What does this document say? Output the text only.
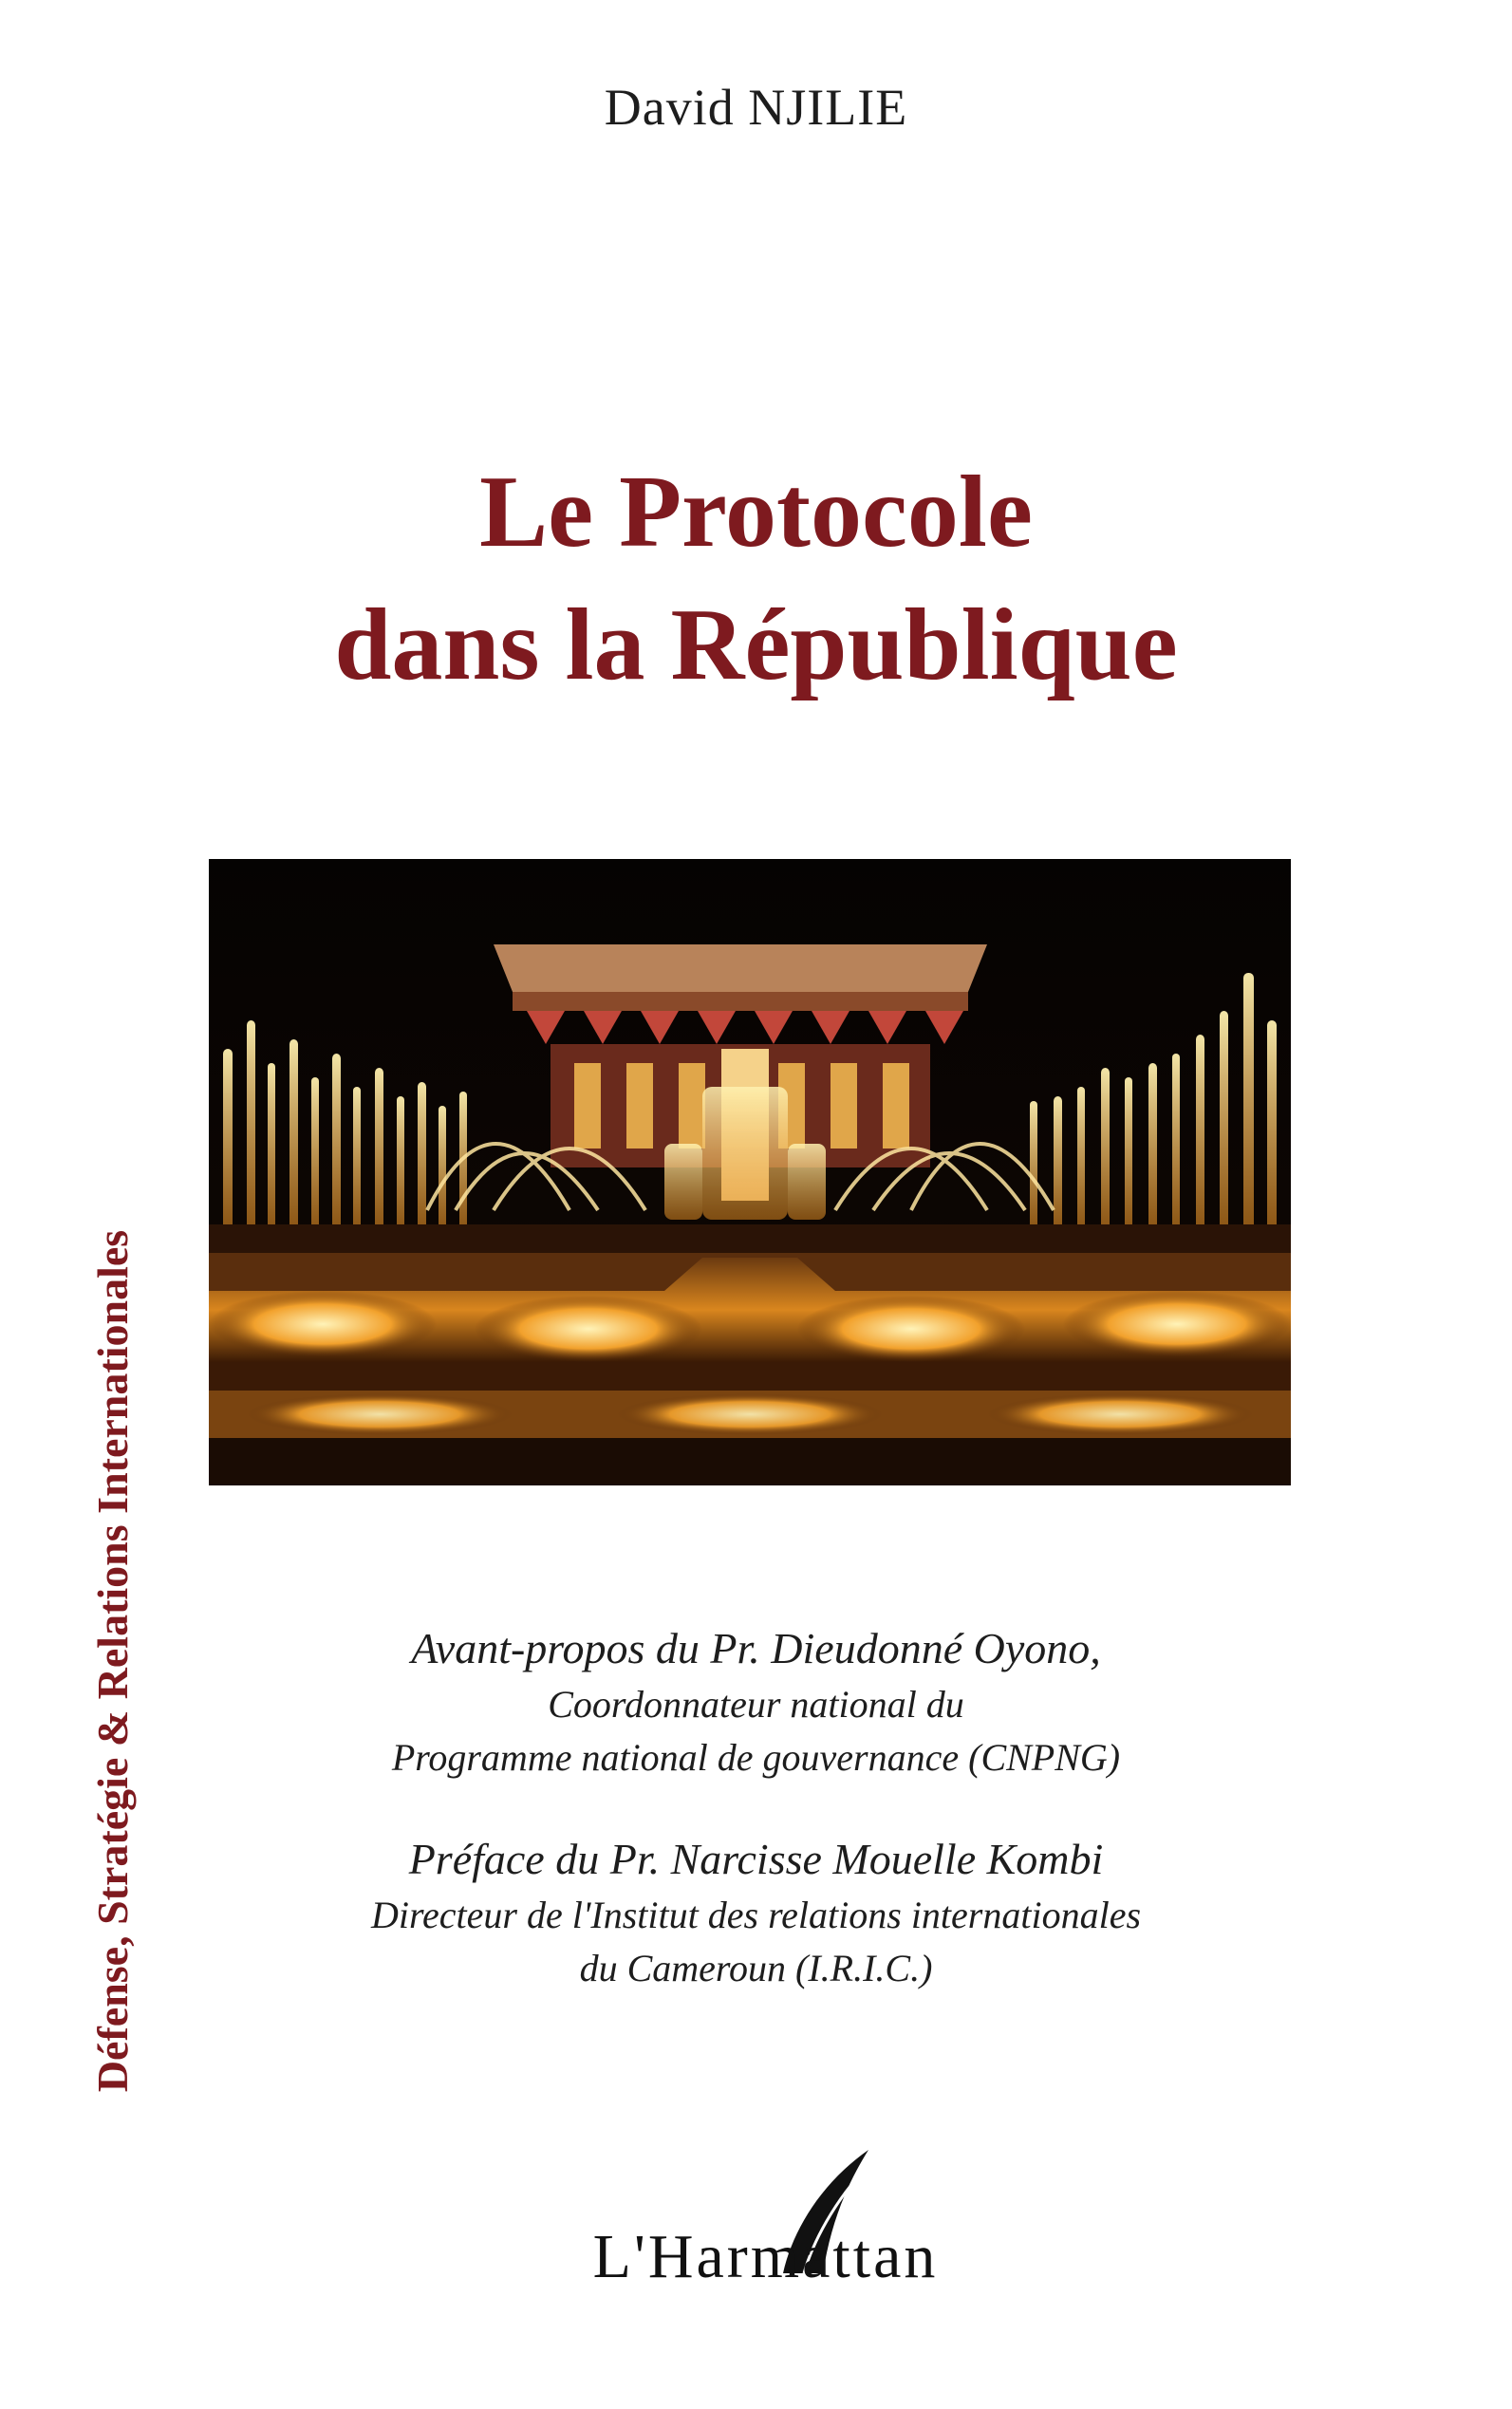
David NJILIE
Le Protocole
dans la République
Défense, Stratégie & Relations Internationales	Avant-propos du Pr. Dieudonné Oyono,
Coordonnateur national du
Programme national de gouvernance (CNPNG)
Préface du Pr. Narcisse Mouelle Kombi
Directeur de l'Institut des relations internationales
du Cameroun (I.R.I.C.)
L'Harmattan
